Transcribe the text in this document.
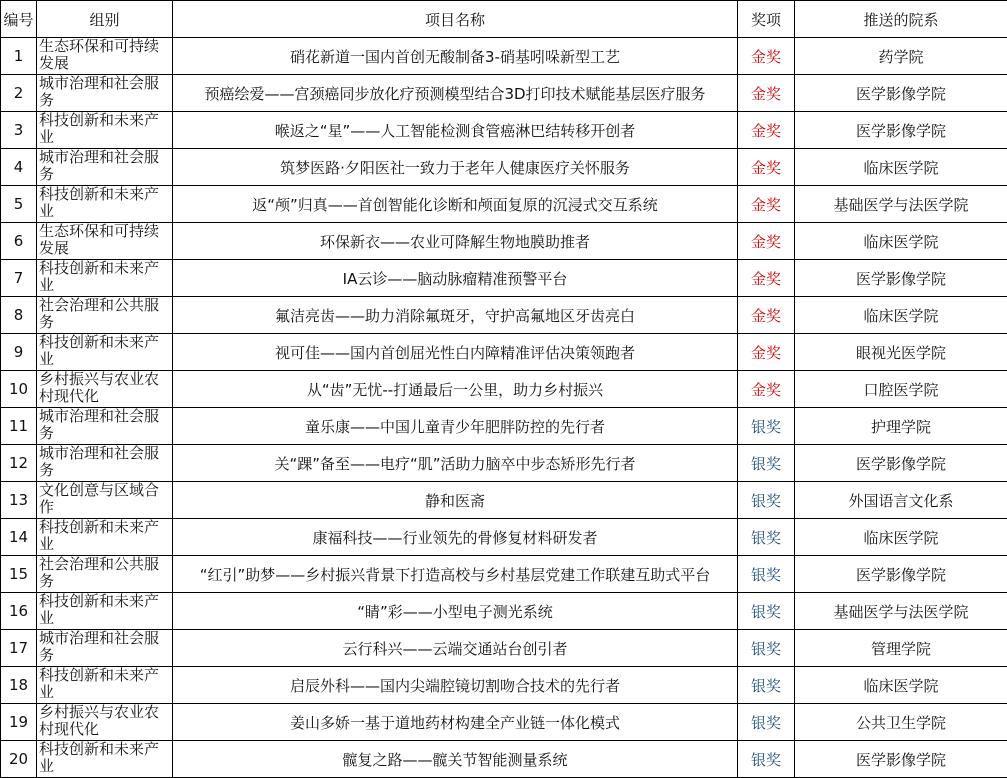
编号	组别	项目名称	奖项	推送的院系
1	生态环保和可持续发展	硝花新道一国内首创无酸制备3-硝基吲哚新型工艺	金奖	药学院
2	城市治理和社会服务	预癌绘爱——宫颈癌同步放化疗预测模型结合3D打印技术赋能基层医疗服务	金奖	医学影像学院
3	科技创新和未来产业	喉返之“星”——人工智能检测食管癌淋巴结转移开创者	金奖	医学影像学院
4	城市治理和社会服务	筑梦医路·夕阳医社一致力于老年人健康医疗关怀服务	金奖	临床医学院
5	科技创新和未来产业	返“颅”归真——首创智能化诊断和颅面复原的沉浸式交互系统	金奖	基础医学与法医学院
6	生态环保和可持续发展	环保新衣——农业可降解生物地膜助推者	金奖	临床医学院
7	科技创新和未来产业	IA云诊——脑动脉瘤精准预警平台	金奖	医学影像学院
8	社会治理和公共服务	氟洁亮齿——助力消除氟斑牙，守护高氟地区牙齿亮白	金奖	临床医学院
9	科技创新和未来产业	视可佳——国内首创屈光性白内障精准评估决策领跑者	金奖	眼视光医学院
10	乡村振兴与农业农村现代化	从“齿”无忧--打通最后一公里，助力乡村振兴	金奖	口腔医学院
11	城市治理和社会服务	童乐康——中国儿童青少年肥胖防控的先行者	银奖	护理学院
12	城市治理和社会服务	关“踝”备至——电疗“肌”活助力脑卒中步态矫形先行者	银奖	医学影像学院
13	文化创意与区域合作	静和医斋	银奖	外国语言文化系
14	科技创新和未来产业	康福科技——行业领先的骨修复材料研发者	银奖	临床医学院
15	社会治理和公共服务	“红引”助梦——乡村振兴背景下打造高校与乡村基层党建工作联建互助式平台	银奖	医学影像学院
16	科技创新和未来产业	“睛”彩——小型电子测光系统	银奖	基础医学与法医学院
17	城市治理和社会服务	云行科兴——云端交通站台创引者	银奖	管理学院
18	科技创新和未来产业	启辰外科——国内尖端腔镜切割吻合技术的先行者	银奖	临床医学院
19	乡村振兴与农业农村现代化	姜山多娇一基于道地药材构建全产业链一体化模式	银奖	公共卫生学院
20	科技创新和未来产业	髋复之路——髋关节智能测量系统	银奖	医学影像学院
